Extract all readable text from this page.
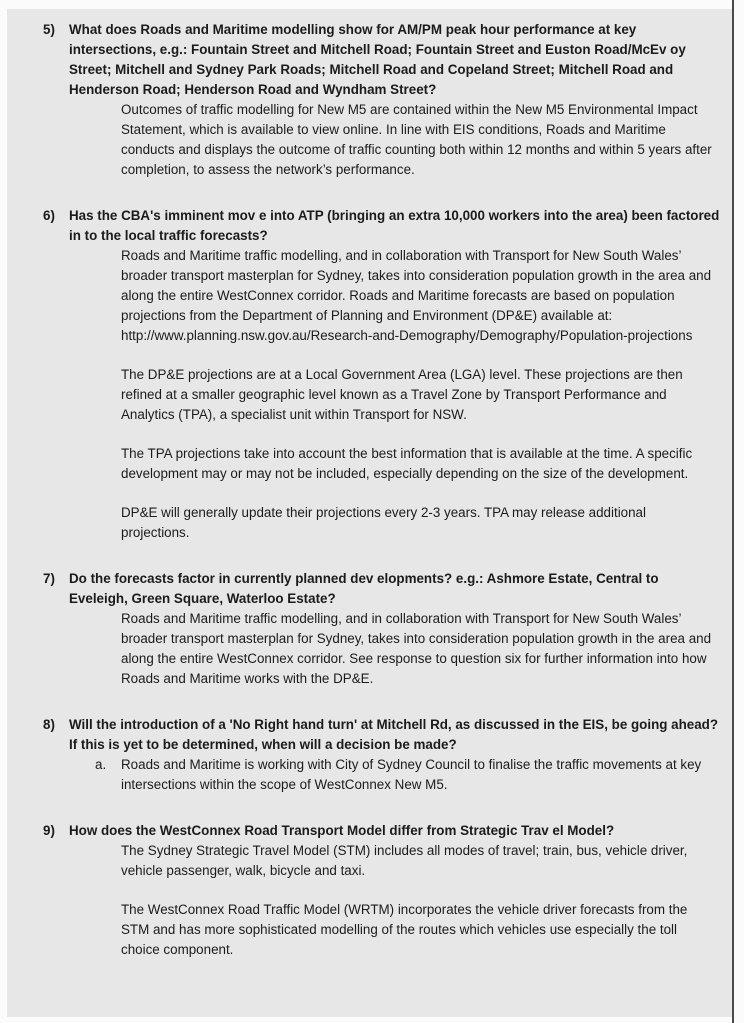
5)	What does Roads and Maritime modelling show for AM/PM peak hour performance at key intersections, e.g.: Fountain Street and Mitchell Road; Fountain Street and Euston Road/McEv oy Street; Mitchell and Sydney Park Roads; Mitchell Road and Copeland Street; Mitchell Road and Henderson Road; Henderson Road and Wyndham Street?

Outcomes of traffic modelling for New M5 are contained within the New M5 Environmental Impact Statement, which is available to view online. In line with EIS conditions, Roads and Maritime conducts and displays the outcome of traffic counting both within 12 months and within 5 years after completion, to assess the network’s performance.

6)	Has the CBA's imminent mov e into ATP (bringing an extra 10,000 workers into the area) been factored in to the local traffic forecasts?

Roads and Maritime traffic modelling, and in collaboration with Transport for New South Wales’ broader transport masterplan for Sydney, takes into consideration population growth in the area and along the entire WestConnex corridor. Roads and Maritime forecasts are based on population projections from the Department of Planning and Environment (DP&E) available at: http://www.planning.nsw.gov.au/Research-and-Demography/Demography/Population-projections

The DP&E projections are at a Local Government Area (LGA) level. These projections are then refined at a smaller geographic level known as a Travel Zone by Transport Performance and Analytics (TPA), a specialist unit within Transport for NSW.

The TPA projections take into account the best information that is available at the time. A specific development may or may not be included, especially depending on the size of the development.

DP&E will generally update their projections every 2-3 years. TPA may release additional projections.

7)	Do the forecasts factor in currently planned dev elopments? e.g.: Ashmore Estate, Central to Eveleigh, Green Square, Waterloo Estate?

Roads and Maritime traffic modelling, and in collaboration with Transport for New South Wales’ broader transport masterplan for Sydney, takes into consideration population growth in the area and along the entire WestConnex corridor. See response to question six for further information into how Roads and Maritime works with the DP&E.

8)	Will the introduction of a 'No Right hand turn' at Mitchell Rd, as discussed in the EIS, be going ahead? If this is yet to be determined, when will a decision be made?
a.	Roads and Maritime is working with City of Sydney Council to finalise the traffic movements at key intersections within the scope of WestConnex New M5.
9)	How does the WestConnex Road Transport Model differ from Strategic Trav el Model?

The Sydney Strategic Travel Model (STM) includes all modes of travel; train, bus, vehicle driver, vehicle passenger, walk, bicycle and taxi.

The WestConnex Road Traffic Model (WRTM) incorporates the vehicle driver forecasts from the STM and has more sophisticated modelling of the routes which vehicles use especially the toll choice component.
